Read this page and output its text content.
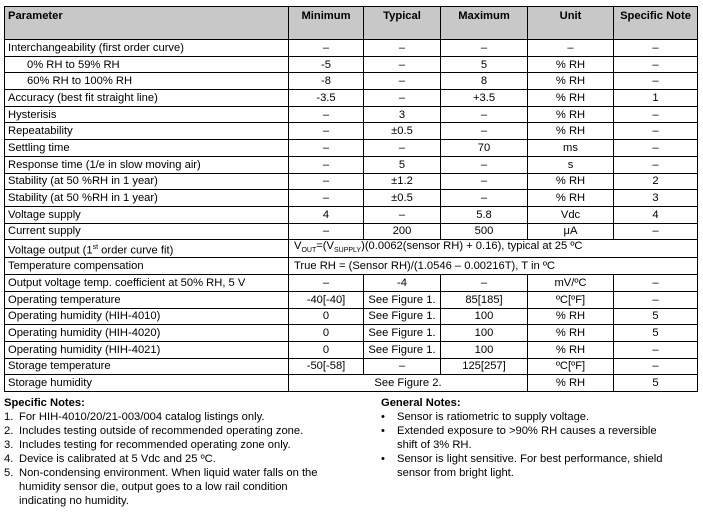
Parameter	Minimum	Typical	Maximum	Unit	Specific Note
Interchangeability (first order curve)	–	–	–	–	–
0% RH to 59% RH	-5	–	5	% RH	–
60% RH to 100% RH	-8	–	8	% RH	–
Accuracy (best fit straight line)	-3.5	–	+3.5	% RH	1
Hysterisis	–	3	–	% RH	–
Repeatability	–	±0.5	–	% RH	–
Settling time	–	–	70	ms	–
Response time (1/e in slow moving air)	–	5	–	s	–
Stability (at 50 %RH in 1 year)	–	±1.2	–	% RH	2
Stability (at 50 %RH in 1 year)	–	±0.5	–	% RH	3
Voltage supply	4	–	5.8	Vdc	4
Current supply	–	200	500	μA	–
Voltage output (1st order curve fit)	$V_{OUT}=(V_{SUPPLY})(0.0062(sensor$ RH) + 0.16), typical at 25 ºC				
Temperature compensation	True RH = (Sensor RH)/(1.0546 – 0.00216T), T in ºC				
Output voltage temp. coefficient at 50% RH, 5 V	–	-4	–	mV/ºC	–
Operating temperature	-40[-40]	See Figure 1.	85[185]	ºC[ºF]	–
Operating humidity (HIH-4010)	0	See Figure 1.	100	% RH	5
Operating humidity (HIH-4020)	0	See Figure 1.	100	% RH	5
Operating humidity (HIH-4021)	0	See Figure 1.	100	% RH	–
Storage temperature	-50[-58]	–	125[257]	ºC[ºF]	–
Storage humidity	See Figure 2.			% RH	5
Specific Notes:
1. For HIH-4010/20/21-003/004 catalog listings only.
2. Includes testing outside of recommended operating zone.
3. Includes testing for recommended operating zone only.
4. Device is calibrated at 5 Vdc and 25 ºC.
5. Non-condensing environment. When liquid water falls on the
humidity sensor die, output goes to a low rail condition
indicating no humidity.
General Notes:
•	Sensor is ratiometric to supply voltage.
•	Extended exposure to >90% RH causes a reversible
shift of 3% RH.
•	Sensor is light sensitive. For best performance, shield
sensor from bright light.
